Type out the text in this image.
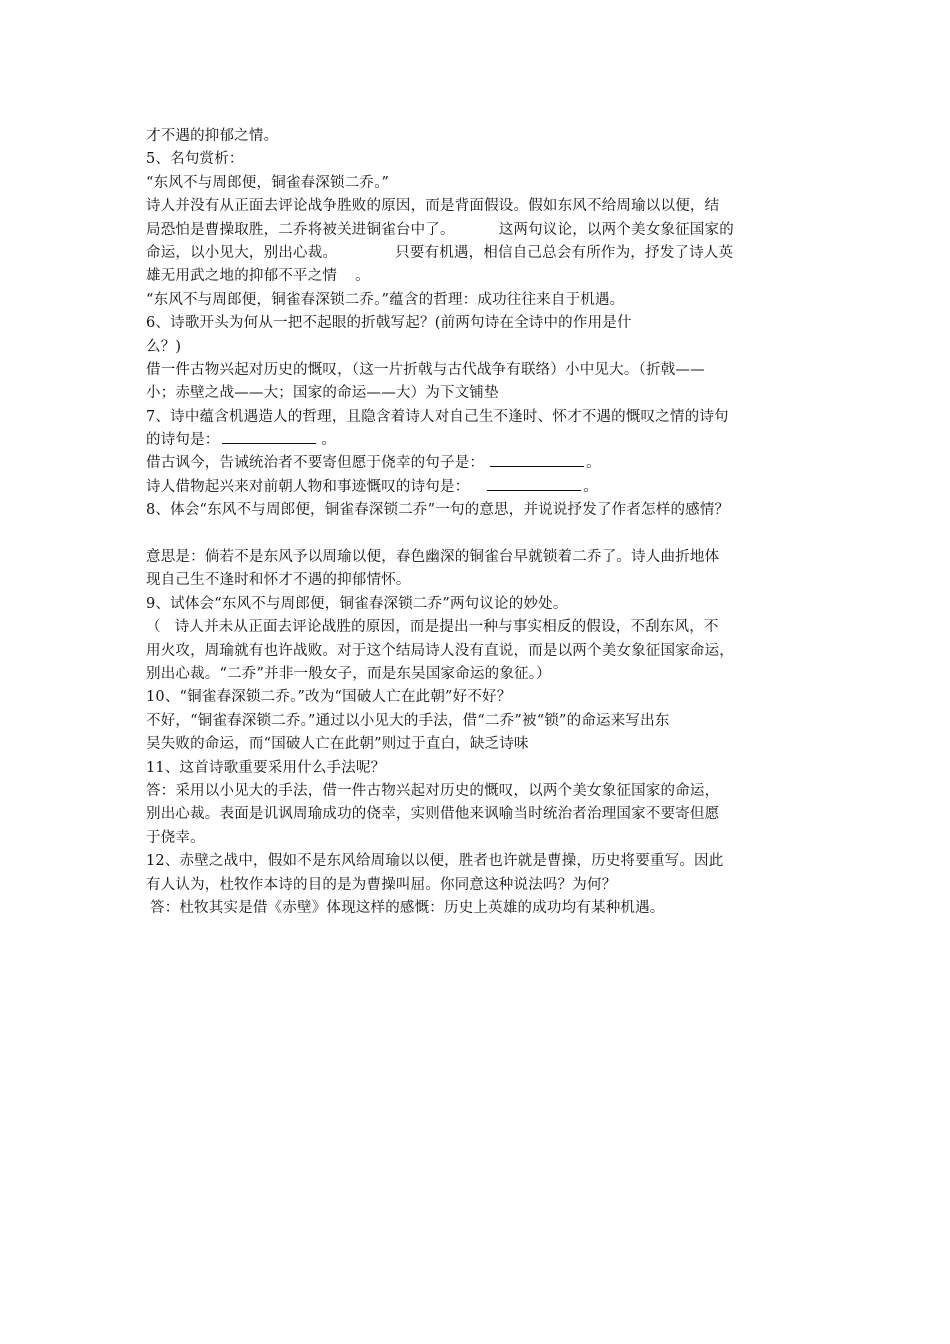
才不遇的抑郁之情。
5、名句赏析：
“东风不与周郎便，铜雀春深锁二乔。”
诗人并没有从正面去评论战争胜败的原因，而是背面假设。假如东风不给周瑜以以便，结
局恐怕是曹操取胜，二乔将被关进铜雀台中了。	这两句议论，以两个美女象征国家的
命运，以小见大，别出心裁。	只要有机遇，相信自己总会有所作为，抒发了诗人英
雄无用武之地的抑郁不平之情 。
“东风不与周郎便，铜雀春深锁二乔。”蕴含的哲理：成功往往来自于机遇。
6、诗歌开头为何从一把不起眼的折戟写起？(前两句诗在全诗中的作用是什
么？)
借一件古物兴起对历史的慨叹，（这一片折戟与古代战争有联络）小中见大。（折戟——
小；赤壁之战——大；国家的命运——大）为下文铺垫
7、诗中蕴含机遇造人的哲理，且隐含着诗人对自己生不逢时、怀才不遇的慨叹之情的诗句
的诗句是：	。
借古讽今，告诫统治者不要寄但愿于侥幸的句子是：	。
诗人借物起兴来对前朝人物和事迹慨叹的诗句是：	。
8、体会“东风不与周郎便，铜雀春深锁二乔”一句的意思，并说说抒发了作者怎样的感情？
意思是：倘若不是东风予以周瑜以便，春色幽深的铜雀台早就锁着二乔了。诗人曲折地体
现自己生不逢时和怀才不遇的抑郁情怀。
9、试体会“东风不与周郎便，铜雀春深锁二乔”两句议论的妙处。
（ 诗人并未从正面去评论战胜的原因，而是提出一种与事实相反的假设，不刮东风，不
用火攻，周瑜就有也许战败。对于这个结局诗人没有直说，而是以两个美女象征国家命运，
别出心裁。“二乔”并非一般女子，而是东吴国家命运的象征。）
10、“铜雀春深锁二乔。”改为“国破人亡在此朝”好不好？
不好，“铜雀春深锁二乔。”通过以小见大的手法，借“二乔”被“锁”的命运来写出东
吴失败的命运，而“国破人亡在此朝”则过于直白，缺乏诗味
11、这首诗歌重要采用什么手法呢？
答：采用以小见大的手法，借一件古物兴起对历史的慨叹，以两个美女象征国家的命运，
别出心裁。表面是讥讽周瑜成功的侥幸，实则借他来讽喻当时统治者治理国家不要寄但愿
于侥幸。
12、赤壁之战中，假如不是东风给周瑜以以便，胜者也许就是曹操，历史将要重写。因此
有人认为，杜牧作本诗的目的是为曹操叫屈。你同意这种说法吗？为何？
答：杜牧其实是借《赤壁》体现这样的感慨：历史上英雄的成功均有某种机遇。
